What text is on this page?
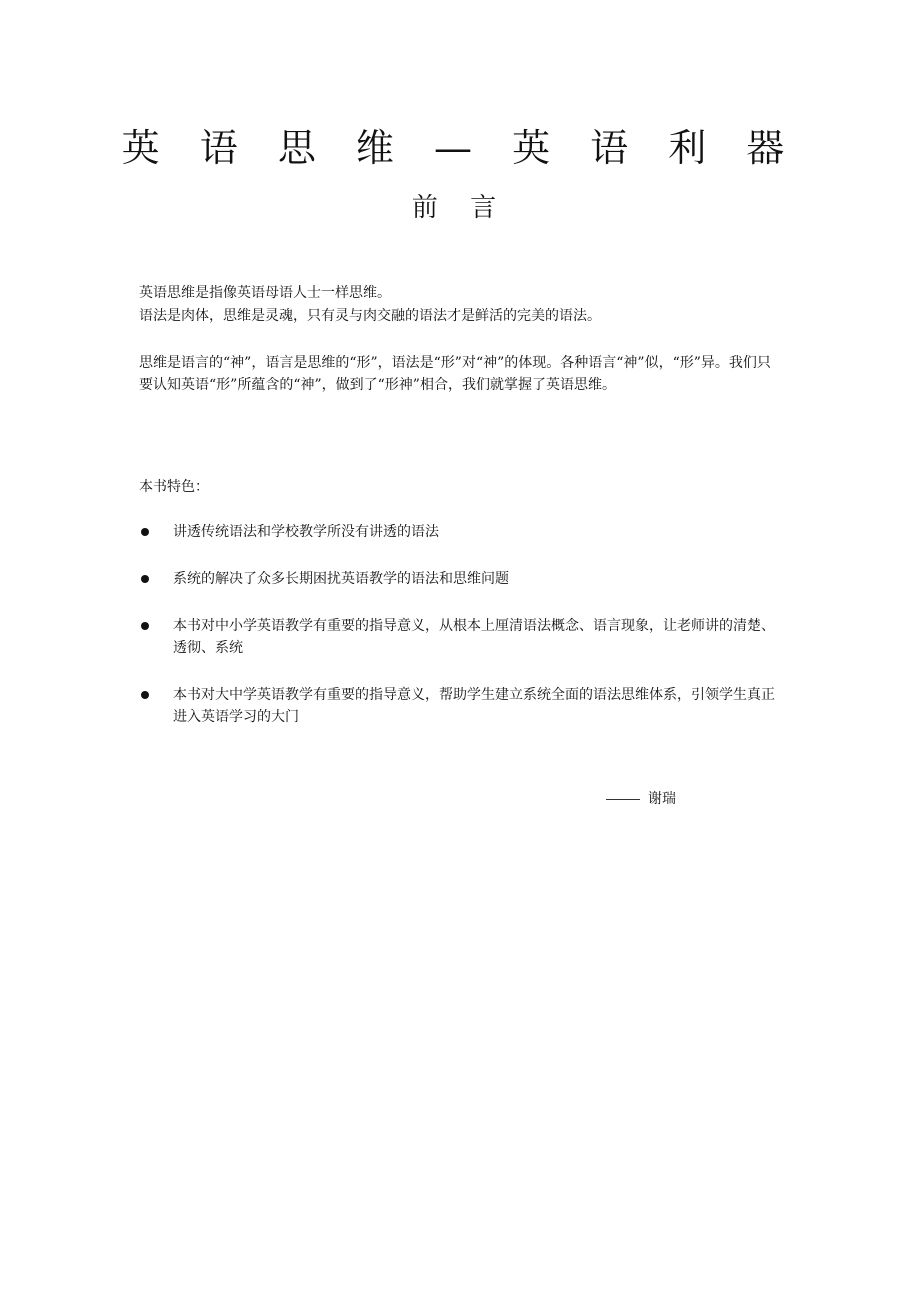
英 语 思 维 — 英 语 利 器
前 言

英语思维是指像英语母语人士一样思维。

语法是肉体，思维是灵魂，只有灵与肉交融的语法才是鲜活的完美的语法。

思维是语言的“神”，语言是思维的“形”，语法是“形”对“神”的体现。各种语言“神”似，“形”异。我们只要认知英语“形”所蕴含的“神”，做到了“形神”相合，我们就掌握了英语思维。

本书特色：

讲透传统语法和学校教学所没有讲透的语法
系统的解决了众多长期困扰英语教学的语法和思维问题
本书对中小学英语教学有重要的指导意义，从根本上厘清语法概念、语言现象，让老师讲的清楚、透彻、系统
本书对大中学英语教学有重要的指导意义，帮助学生建立系统全面的语法思维体系，引领学生真正进入英语学习的大门
谢瑞
